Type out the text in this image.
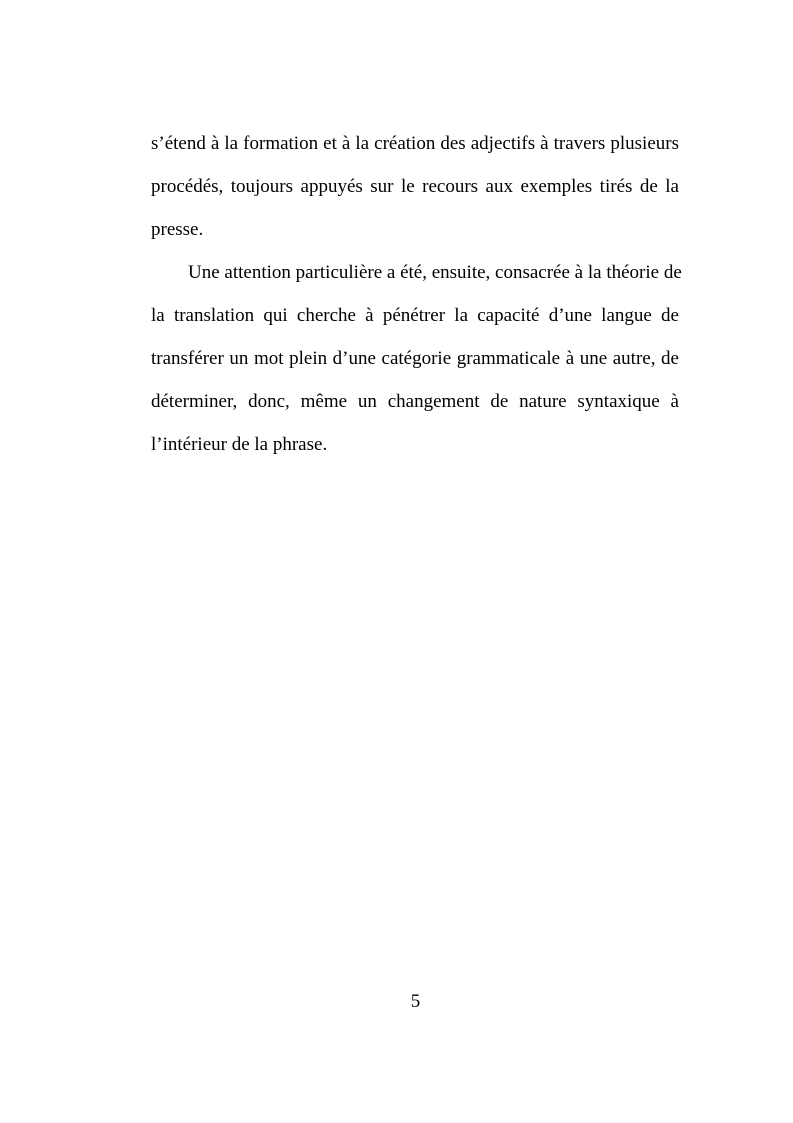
s’étend à la formation et à la création des adjectifs à travers plusieurs
procédés, toujours appuyés sur le recours aux exemples tirés de la
presse.
Une attention particulière a été, ensuite, consacrée à la théorie de
la translation qui cherche à pénétrer la capacité d’une langue de
transférer un mot plein d’une catégorie grammaticale à une autre, de
déterminer, donc, même un changement de nature syntaxique à
l’intérieur de la phrase.
5
